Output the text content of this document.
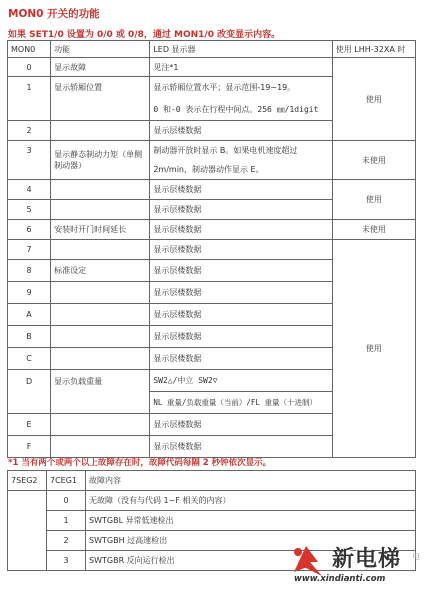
MON0 开关的功能
如果 SET1/0 设置为 0/0 或 0/8，通过 MON1/0 改变显示内容。
MON0	功能	LED 显示器	使用 LHH-32XA 时
0	显示故障	见注*1	使用
1	显示轿厢位置	显示轿厢位置水平；显示范围-19~19。	
		0 和-0 表示在行程中间点。256 ㎜/1digit	
2		显示层楼数据	
3	显示静态制动力矩（单侧制动器）	制动器开放时显示 B。如果电机速度超过 2m/min，制动器动作显示 E。	未使用
4		显示层楼数据	使用
5		显示层楼数据	
6	安装时开门时间延长	显示层楼数据	未使用
7		显示层楼数据	使用
8	标准设定	显示层楼数据	
9		显示层楼数据	
A		显示层楼数据	
B		显示层楼数据	
C		显示层楼数据	
D	显示负载重量	SW2△/中立 SW2▽	
		NL 重量/负载重量（当前）/FL 重量（十进制）	
E		显示层楼数据	
F		显示层楼数据	
*1 当有两个或两个以上故障存在时，故障代码每隔 2 秒钟依次显示。
7SEG2	7CEG1	故障内容
	0	无故障（没有与代码 1~F 相关的内容）
	1	SWTGBL 异常低速检出
	2	SWTGBH 过高速检出
	3	SWTGBR 反向运行检出	新电梯
www.xindianti.com
电
